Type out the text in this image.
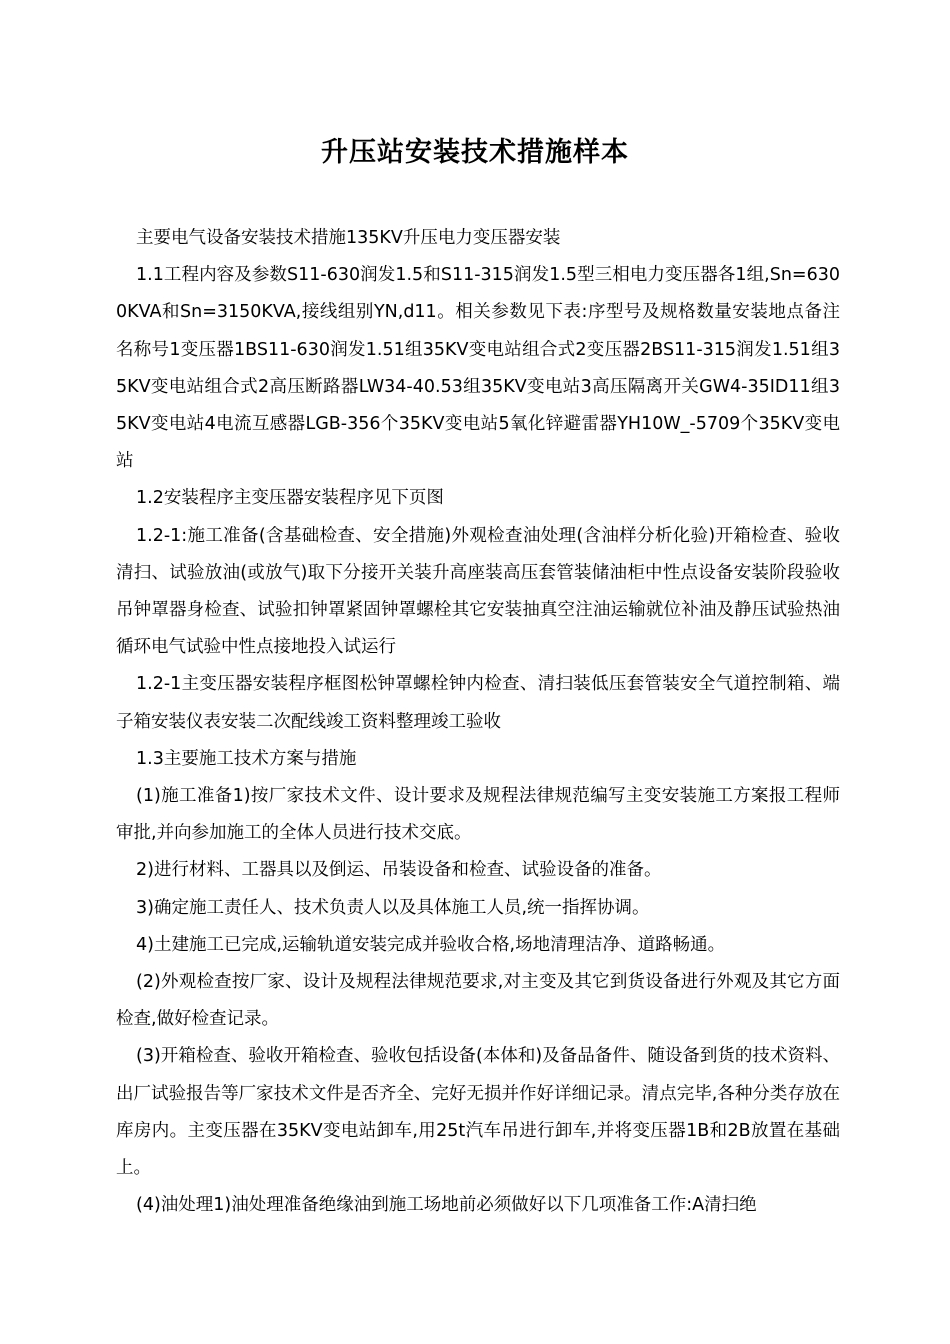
升压站安装技术措施样本

主要电气设备安装技术措施135KV升压电力变压器安装

1.1工程内容及参数S11-630润发1.5和S11-315润发1.5型三相电力变压器各1组,Sn=6300KVA和Sn=3150KVA,接线组别YN,d11。相关参数见下表:序型号及规格数量安装地点备注名称号1变压器1BS11-630润发1.51组35KV变电站组合式2变压器2BS11-315润发1.51组35KV变电站组合式2高压断路器LW34-40.53组35KV变电站3高压隔离开关GW4-35ID11组35KV变电站4电流互感器LGB-356个35KV变电站5氧化锌避雷器YH10W_-5709个35KV变电站

1.2安装程序主变压器安装程序见下页图

1.2-1:施工准备(含基础检查、安全措施)外观检查油处理(含油样分析化验)开箱检查、验收清扫、试验放油(或放气)取下分接开关装升高座装高压套管装储油柜中性点设备安装阶段验收吊钟罩器身检查、试验扣钟罩紧固钟罩螺栓其它安装抽真空注油运输就位补油及静压试验热油循环电气试验中性点接地投入试运行

1.2-1主变压器安装程序框图松钟罩螺栓钟内检查、清扫装低压套管装安全气道控制箱、端子箱安装仪表安装二次配线竣工资料整理竣工验收

1.3主要施工技术方案与措施

(1)施工准备1)按厂家技术文件、设计要求及规程法律规范编写主变安装施工方案报工程师审批,并向参加施工的全体人员进行技术交底。

2)进行材料、工器具以及倒运、吊装设备和检查、试验设备的准备。

3)确定施工责任人、技术负责人以及具体施工人员,统一指挥协调。

4)土建施工已完成,运输轨道安装完成并验收合格,场地清理洁净、道路畅通。

(2)外观检查按厂家、设计及规程法律规范要求,对主变及其它到货设备进行外观及其它方面检查,做好检查记录。

(3)开箱检查、验收开箱检查、验收包括设备(本体和)及备品备件、随设备到货的技术资料、出厂试验报告等厂家技术文件是否齐全、完好无损并作好详细记录。清点完毕,各种分类存放在库房内。主变压器在35KV变电站卸车,用25t汽车吊进行卸车,并将变压器1B和2B放置在基础上。

(4)油处理1)油处理准备绝缘油到施工场地前必须做好以下几项准备工作:A清扫绝
